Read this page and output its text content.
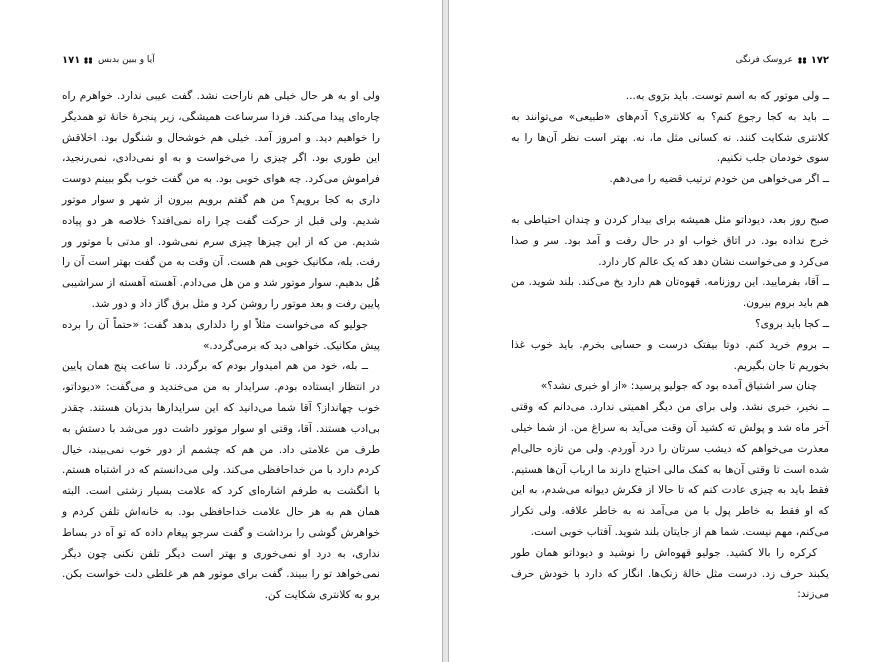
۱۷۱ آیا و ببین بدبس

ولی او به هر حال خیلی هم ناراحت نشد. گفت عیبی ندارد. خواهرم راه چاره‌ای پیدا می‌کند. فردا سرساعت همیشگی، زیر پنجرهٔ خانهٔ تو همدیگر را خواهیم دید. و امروز آمد. خیلی هم خوشحال و شنگول بود. اخلاقش این طوری بود. اگر چیزی را می‌خواست و به او نمی‌دادی، نمی‌رنجید، فراموش می‌کرد. چه هوای خوبی بود. به من گفت خوب بگو ببینم دوست داری به کجا برویم؟ من هم گفتم برویم بیرون از شهر و سوار موتور شدیم. ولی قبل از حرکت گفت چرا راه نمی‌افتد؟ خلاصه هر دو پیاده شدیم. من که از این چیزها چیزی سرم نمی‌شود. او مدتی با موتور ور رفت. بله، مکانیک خوبی هم هست. آن وقت به من گفت بهتر است آن را هُل بدهیم. سوار موتور شد و من هل می‌دادم. آهسته آهسته از سراشیبی پایین رفت و بعد موتور را روشن کرد و مثل برق گاز داد و دور شد.

جولیو که می‌خواست مثلاً او را دلداری بدهد گفت: «حتماً آن را برده پیش مکانیک. خواهی دید که برمی‌گردد.»

ــ بله، خود من هم امیدوار بودم که برگردد. تا ساعت پنج همان پایین در انتظار ایستاده بودم. سرایدار به من می‌خندید و می‌گفت: «دیوداتو، خوب چهانداز؟ آقا شما می‌دانید که این سرایدارها بدزبان هستند. چقدر بی‌ادب هستند. آقا، وقتی او سوار موتور داشت دور می‌شد با دستش به طرف من علامتی داد. من هم که چشمم از دور خوب نمی‌بیند، خیال کردم دارد با من خداحافظی می‌کند. ولی می‌دانستم که در اشتباه هستم. با انگشت به طرفم اشاره‌ای کرد که علامت بسیار زشتی است. البته همان هم به هر حال علامت خداحافظی بود. به خانه‌اش تلفن کردم و خواهرش گوشی را برداشت و گفت سرجو پیغام داده که تو آه در بساط نداری، به درد او نمی‌خوری و بهتر است دیگر تلفن نکنی چون دیگر نمی‌خواهد تو را ببیند. گفت برای موتور هم هر غلطی دلت خواست بکن. برو به کلانتری شکایت کن.

۱۷۲
عروسک فرنگی

ــ ولی موتور که به اسم توست. باید برَوی به...

ــ باید به کجا رجوع کنم؟ به کلانتری؟ آدم‌های «طبیعی» می‌توانند به کلانتری شکایت کنند. نه کسانی مثل ما، نه. بهتر است نظر آن‌ها را به سوی خودمان جلب نکنیم.

ــ اگر می‌خواهی من خودم ترتیب قضیه را می‌دهم.

صبح روز بعد، دیوداتو مثل همیشه برای بیدار کردن و چندان احتیاطی به خرج نداده بود. در اتاق خواب او در حال رفت و آمد بود. سر و صدا می‌کرد و می‌خواست نشان دهد که یک عالم کار دارد.

ــ آقا، بفرمایید. این روزنامه. قهوه‌تان هم دارد یخ می‌کند. بلند شوید. من هم باید بروم بیرون.

ــ کجا باید بروی؟

ــ بروم خرید کنم. دوتا بیفتک درست و حسابی بخرم. باید خوب غذا بخوریم تا جان بگیریم.

چنان سر اشتیاق آمده بود که جولیو پرسید: «از او خبری نشد؟»

ــ نخیر، خبری نشد. ولی برای من دیگر اهمیتی ندارد. می‌دانم که وقتی آخر ماه شد و پولش ته کشید آن وقت می‌آید به سراغ من. از شما خیلی معذرت می‌خواهم که دیشب سرتان را درد آوردم. ولی من تازه حالی‌ام شده است تا وقتی آن‌ها به کمک مالی احتیاج دارند ما ارباب آن‌ها هستیم. فقط باید به چیزی عادت کنم که تا حالا از فکرش دیوانه می‌شدم، به این که او فقط به خاطر پول با من می‌آمد نه به خاطر علاقه. ولی تکرار می‌کنم، مهم نیست. شما هم از جایتان بلند شوید. آفتاب خوبی است.

کرکره را بالا کشید. جولیو قهوه‌اش را نوشید و دیوداتو همان طور یکبند حرف زد. درست مثل خالهٔ زنک‌ها. انگار که دارد با خودش حرف می‌زند:
